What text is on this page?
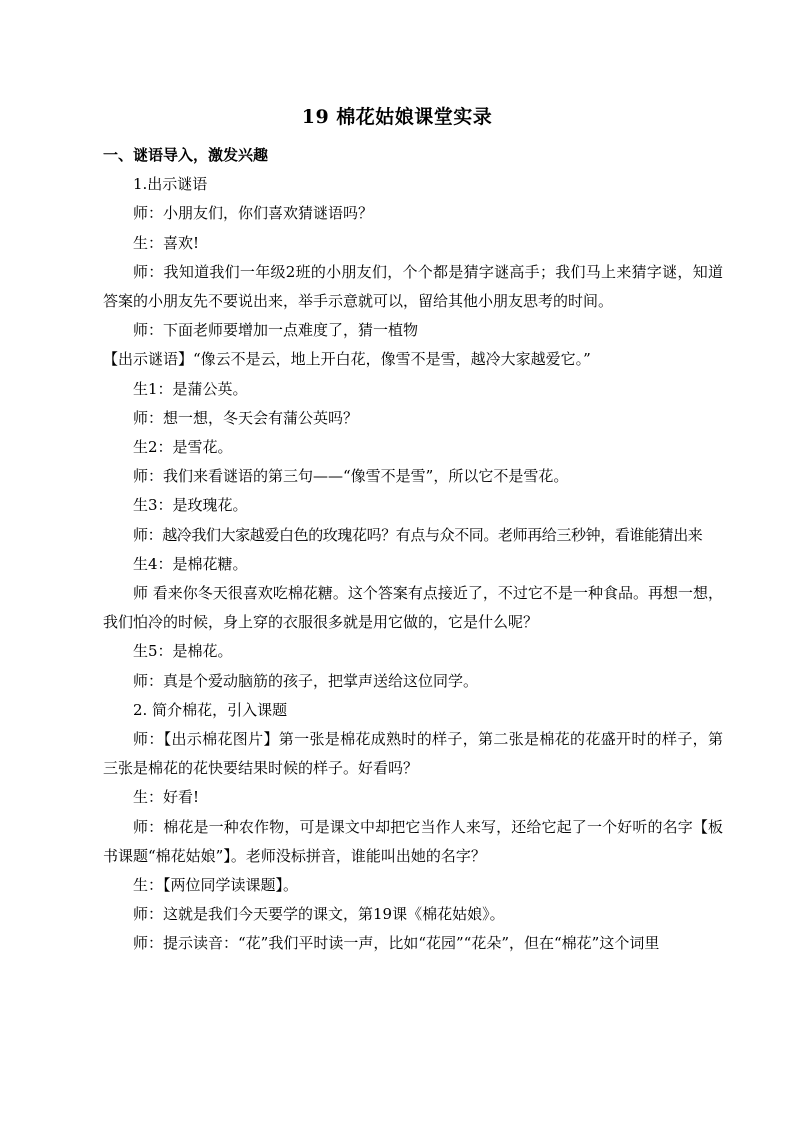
19 棉花姑娘课堂实录

一、谜语导入，激发兴趣

1.出示谜语

师：小朋友们，你们喜欢猜谜语吗？

生：喜欢!

师：我知道我们一年级2班的小朋友们，个个都是猜字谜高手；我们马上来猜字谜，知道答案的小朋友先不要说出来，举手示意就可以，留给其他小朋友思考的时间。

师：下面老师要增加一点难度了，猜一植物

【出示谜语】“像云不是云，地上开白花，像雪不是雪，越冷大家越爱它。”

生1：是蒲公英。

师：想一想，冬天会有蒲公英吗？

生2：是雪花。

师：我们来看谜语的第三句——“像雪不是雪”，所以它不是雪花。

生3：是玫瑰花。

师：越冷我们大家越爱白色的玫瑰花吗？有点与众不同。老师再给三秒钟，看谁能猜出来

生4：是棉花糖。

师 看来你冬天很喜欢吃棉花糖。这个答案有点接近了，不过它不是一种食品。再想一想，我们怕冷的时候，身上穿的衣服很多就是用它做的，它是什么呢？

生5：是棉花。

师：真是个爱动脑筋的孩子，把掌声送给这位同学。

2. 简介棉花，引入课题

师：【出示棉花图片】第一张是棉花成熟时的样子，第二张是棉花的花盛开时的样子，第三张是棉花的花快要结果时候的样子。好看吗？

生：好看!

师：棉花是一种农作物，可是课文中却把它当作人来写，还给它起了一个好听的名字【板书课题“棉花姑娘”】。老师没标拼音，谁能叫出她的名字？

生：【两位同学读课题】。

师：这就是我们今天要学的课文，第19课《棉花姑娘》。

师：提示读音：“花”我们平时读一声，比如“花园”“花朵”，但在“棉花”这个词里
